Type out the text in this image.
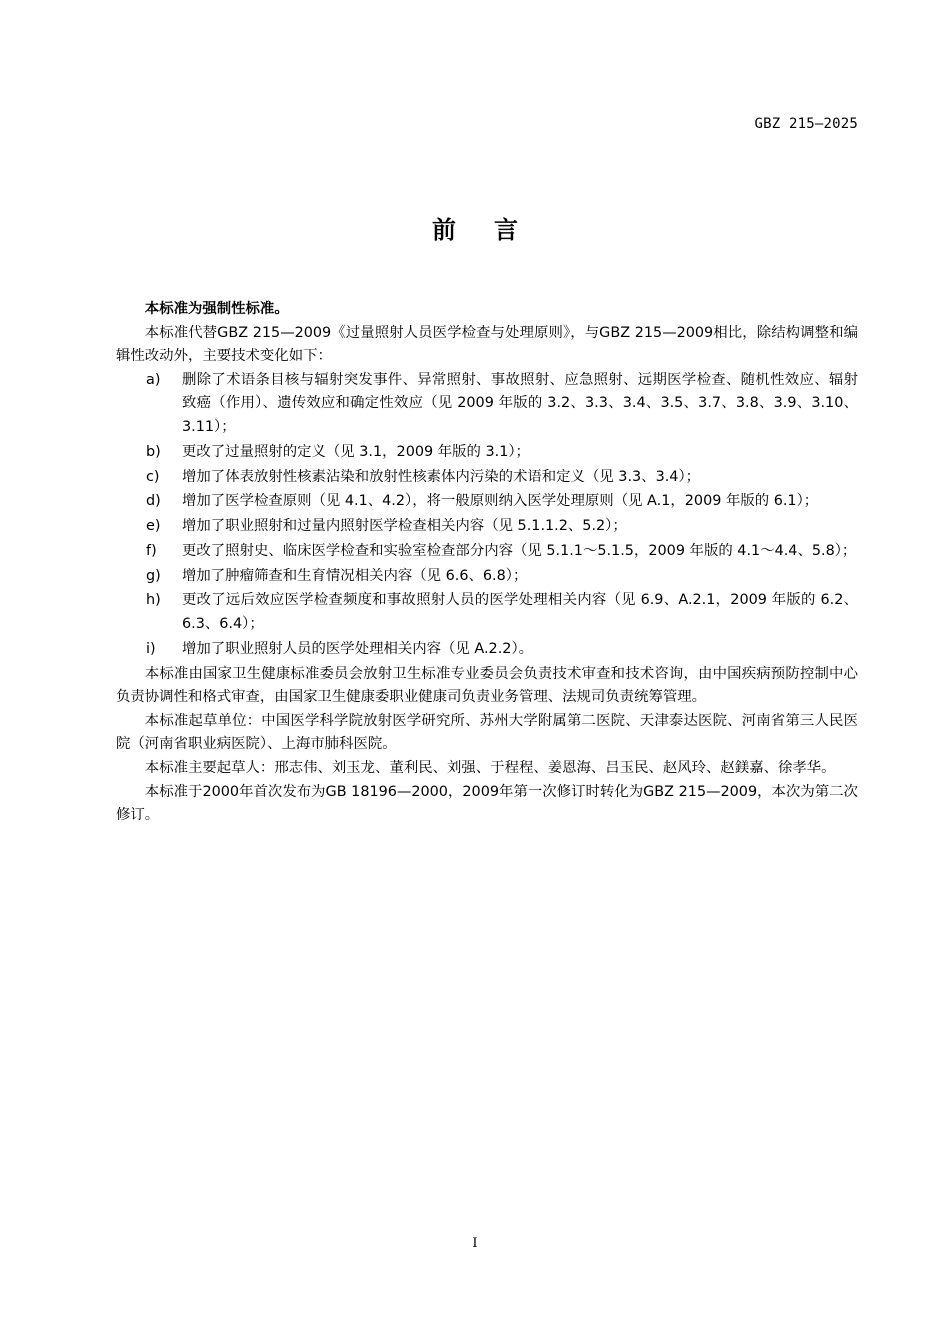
GBZ 215—2025
前言

本标准为强制性标准。

本标准代替GBZ 215—2009《过量照射人员医学检查与处理原则》，与GBZ 215—2009相比，除结构调整和编辑性改动外，主要技术变化如下：

a)	删除了术语条目核与辐射突发事件、异常照射、事故照射、应急照射、远期医学检查、随机性效应、辐射致癌（作用）、遗传效应和确定性效应（见 2009 年版的 3.2、3.3、3.4、3.5、3.7、3.8、3.9、3.10、3.11）；
b)	更改了过量照射的定义（见 3.1，2009 年版的 3.1）；
c)	增加了体表放射性核素沾染和放射性核素体内污染的术语和定义（见 3.3、3.4）；
d)	增加了医学检查原则（见 4.1、4.2），将一般原则纳入医学处理原则（见 A.1，2009 年版的 6.1）；
e)	增加了职业照射和过量内照射医学检查相关内容（见 5.1.1.2、5.2）；
f)	更改了照射史、临床医学检查和实验室检查部分内容（见 5.1.1～5.1.5，2009 年版的 4.1～4.4、5.8）；
g)	增加了肿瘤筛查和生育情况相关内容（见 6.6、6.8）；
h)	更改了远后效应医学检查频度和事故照射人员的医学处理相关内容（见 6.9、A.2.1，2009 年版的 6.2、6.3、6.4）；
i)	增加了职业照射人员的医学处理相关内容（见 A.2.2）。

本标准由国家卫生健康标准委员会放射卫生标准专业委员会负责技术审查和技术咨询，由中国疾病预防控制中心负责协调性和格式审查，由国家卫生健康委职业健康司负责业务管理、法规司负责统筹管理。

本标准起草单位：中国医学科学院放射医学研究所、苏州大学附属第二医院、天津泰达医院、河南省第三人民医院（河南省职业病医院）、上海市肺科医院。

本标准主要起草人：邢志伟、刘玉龙、董利民、刘强、于程程、姜恩海、吕玉民、赵风玲、赵鎂嘉、徐孝华。

本标准于2000年首次发布为GB 18196—2000，2009年第一次修订时转化为GBZ 215—2009，本次为第二次修订。

I
